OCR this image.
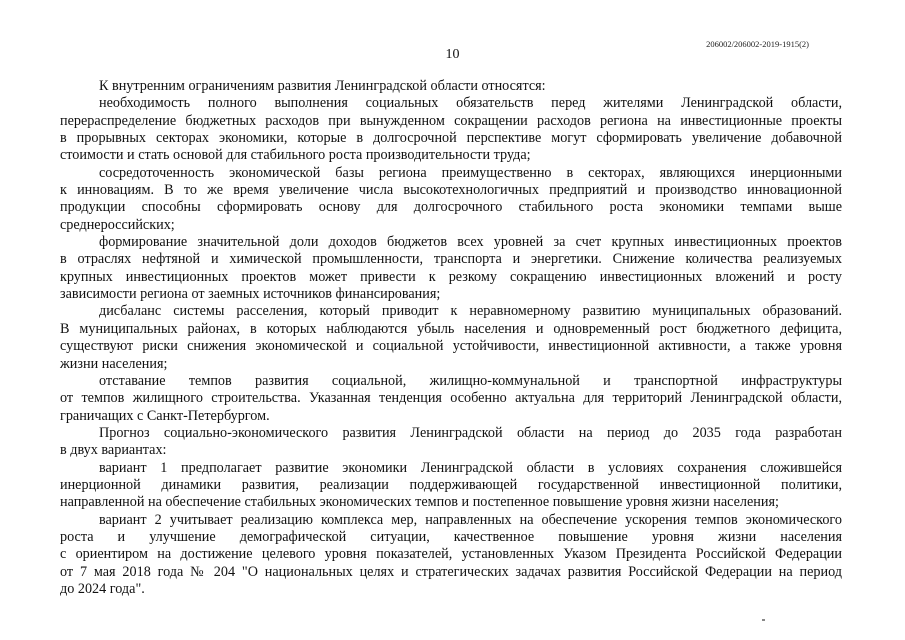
206002/206002-2019-1915(2)
10
К внутренним ограничениям развития Ленинградской области относятся:
необходимость полного выполнения социальных обязательств перед жителями Ленинградской области,
перераспределение бюджетных расходов при вынужденном сокращении расходов региона на инвестиционные проекты
в прорывных секторах экономики, которые в долгосрочной перспективе могут сформировать увеличение добавочной
стоимости и стать основой для стабильного роста производительности труда;
сосредоточенность экономической базы региона преимущественно в секторах, являющихся инерционными
к инновациям. В то же время увеличение числа высокотехнологичных предприятий и производство инновационной
продукции способны сформировать основу для долгосрочного стабильного роста экономики темпами выше
среднероссийских;
формирование значительной доли доходов бюджетов всех уровней за счет крупных инвестиционных проектов
в отраслях нефтяной и химической промышленности, транспорта и энергетики. Снижение количества реализуемых
крупных инвестиционных проектов может привести к резкому сокращению инвестиционных вложений и росту
зависимости региона от заемных источников финансирования;
дисбаланс системы расселения, который приводит к неравномерному развитию муниципальных образований.
В муниципальных районах, в которых наблюдаются убыль населения и одновременный рост бюджетного дефицита,
существуют риски снижения экономической и социальной устойчивости, инвестиционной активности, а также уровня
жизни населения;
отставание темпов развития социальной, жилищно-коммунальной и транспортной инфраструктуры
от темпов жилищного строительства. Указанная тенденция особенно актуальна для территорий Ленинградской области,
граничащих с Санкт-Петербургом.
Прогноз социально-экономического развития Ленинградской области на период до 2035 года разработан
в двух вариантах:
вариант 1 предполагает развитие экономики Ленинградской области в условиях сохранения сложившейся
инерционной динамики развития, реализации поддерживающей государственной инвестиционной политики,
направленной на обеспечение стабильных экономических темпов и постепенное повышение уровня жизни населения;
вариант 2 учитывает реализацию комплекса мер, направленных на обеспечение ускорения темпов экономического
роста и улучшение демографической ситуации, качественное повышение уровня жизни населения
с ориентиром на достижение целевого уровня показателей, установленных Указом Президента Российской Федерации
от 7 мая 2018 года № 204 "О национальных целях и стратегических задачах развития Российской Федерации на период
до 2024 года".
